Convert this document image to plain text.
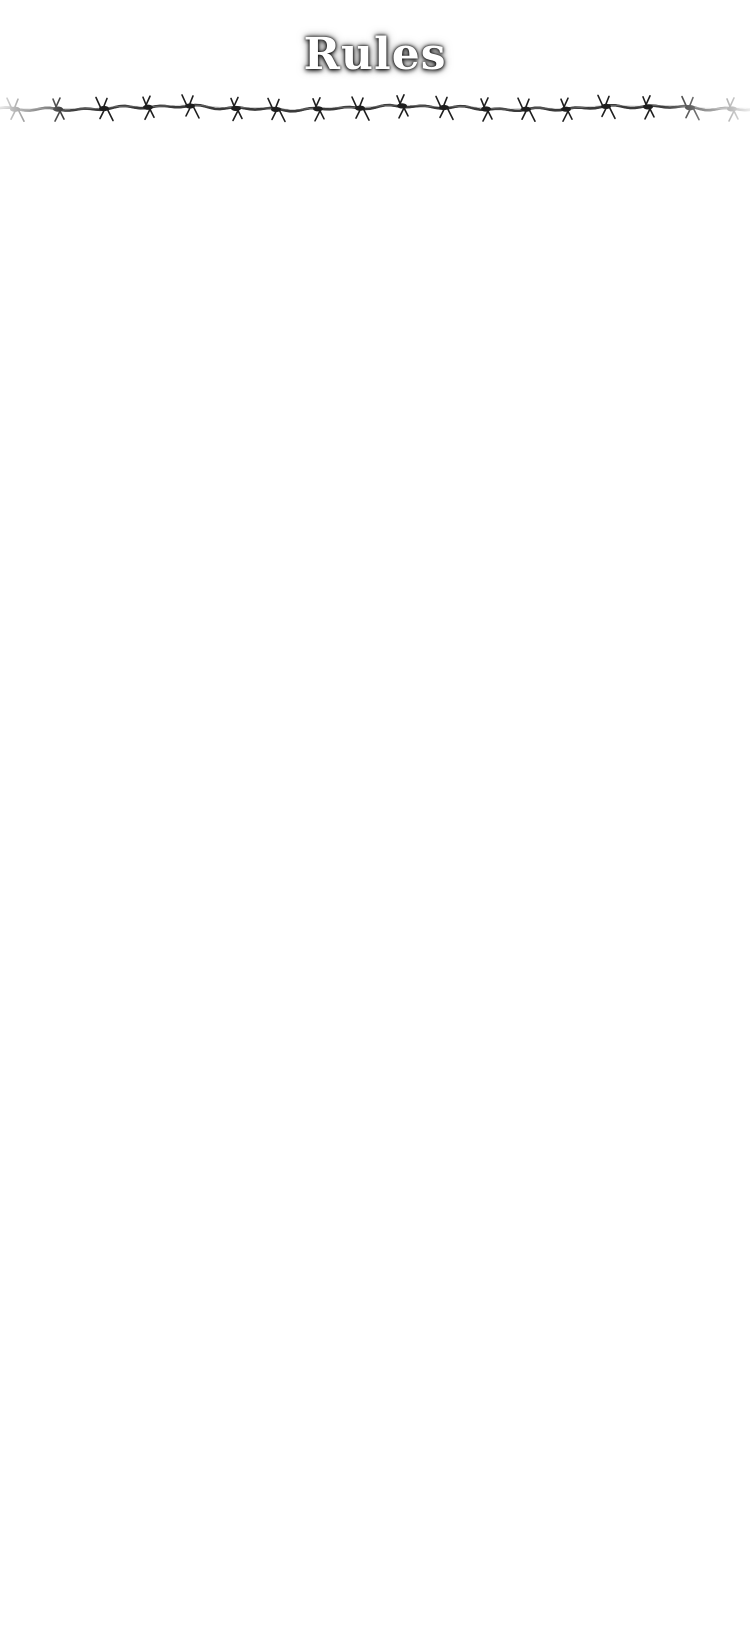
Rules
